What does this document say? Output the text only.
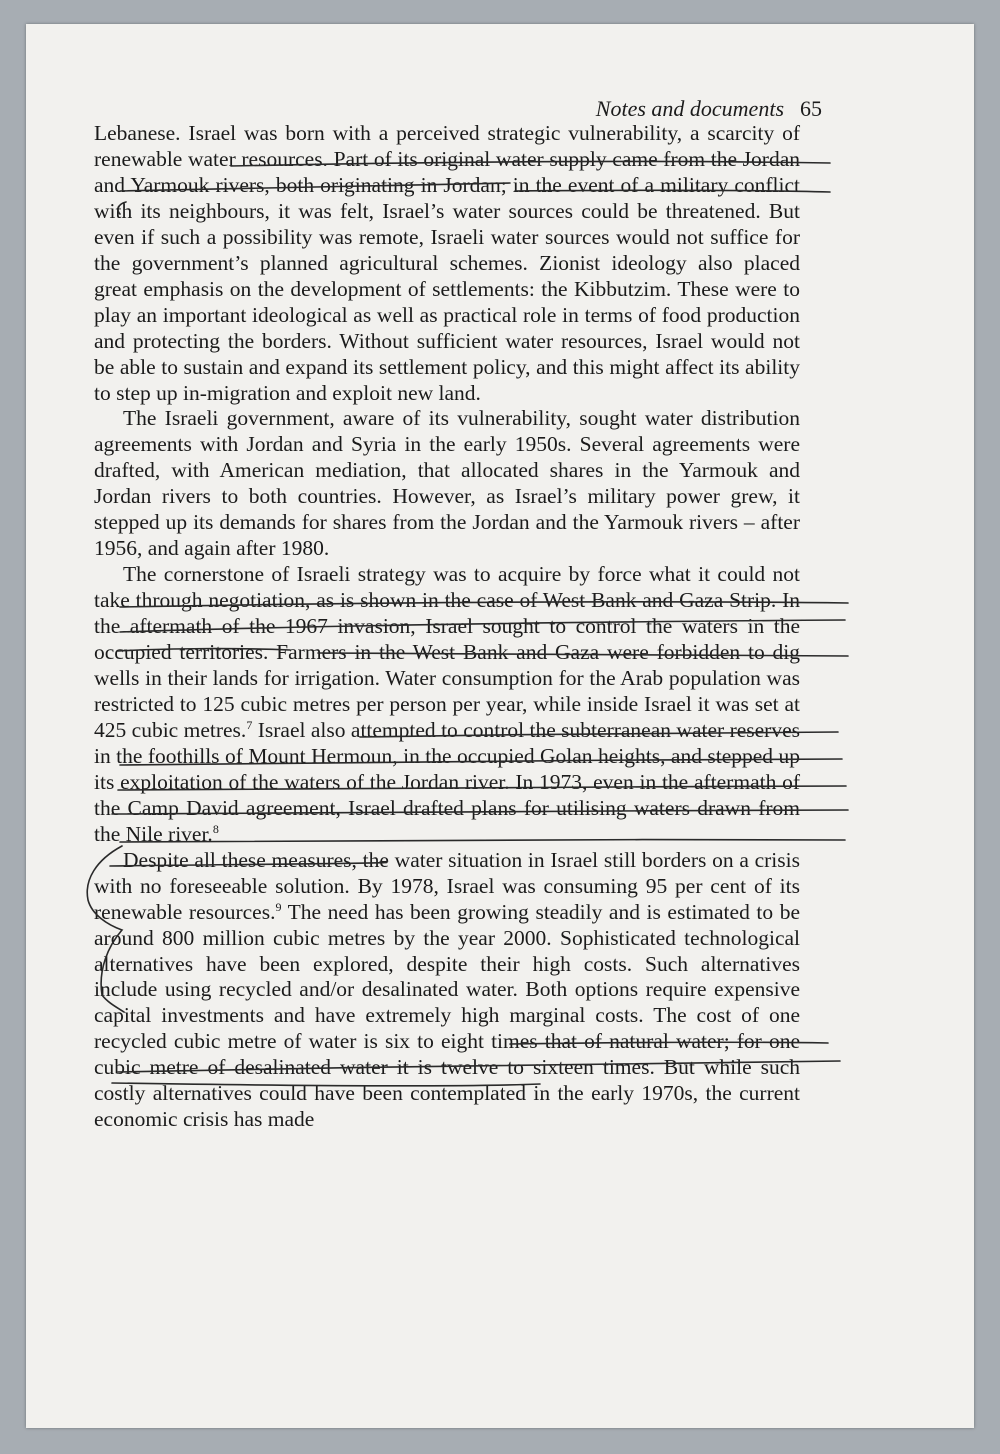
Notes and documents 65

Lebanese. Israel was born with a perceived strategic vulnerability, a scarcity of renewable water resources. Part of its original water supply came from the Jordan and Yarmouk rivers, both originating in Jordan; in the event of a military conflict with its neighbours, it was felt, Israel’s water sources could be threatened. But even if such a possibility was remote, Israeli water sources would not suffice for the government’s planned agricultural schemes. Zionist ideology also placed great emphasis on the development of settlements: the Kibbutzim. These were to play an important ideological as well as practical role in terms of food production and protecting the borders. Without sufficient water resources, Israel would not be able to sustain and expand its settlement policy, and this might affect its ability to step up in-migration and exploit new land.

The Israeli government, aware of its vulnerability, sought water distribution agreements with Jordan and Syria in the early 1950s. Several agreements were drafted, with American mediation, that allocated shares in the Yarmouk and Jordan rivers to both countries. However, as Israel’s military power grew, it stepped up its demands for shares from the Jordan and the Yarmouk rivers – after 1956, and again after 1980.

The cornerstone of Israeli strategy was to acquire by force what it could not take through negotiation, as is shown in the case of West Bank and Gaza Strip. In the aftermath of the 1967 invasion, Israel sought to control the waters in the occupied territories. Farmers in the West Bank and Gaza were forbidden to dig wells in their lands for irrigation. Water consumption for the Arab population was restricted to 125 cubic metres per person per year, while inside Israel it was set at 425 cubic metres.$^7$ Israel also attempted to control the subterranean water reserves in the foothills of Mount Hermoun, in the occupied Golan heights, and stepped up its exploitation of the waters of the Jordan river. In 1973, even in the aftermath of the Camp David agreement, Israel drafted plans for utilising waters drawn from the Nile river.$^8$

Despite all these measures, the water situation in Israel still borders on a crisis with no foreseeable solution. By 1978, Israel was consuming 95 per cent of its renewable resources.$^9$ The need has been growing steadily and is estimated to be around 800 million cubic metres by the year 2000. Sophisticated technological alternatives have been explored, despite their high costs. Such alternatives include using recycled and/or desalinated water. Both options require expensive capital investments and have extremely high marginal costs. The cost of one recycled cubic metre of water is six to eight times that of natural water; for one cubic metre of desalinated water it is twelve to sixteen times. But while such costly alternatives could have been contemplated in the early 1970s, the current economic crisis has made
